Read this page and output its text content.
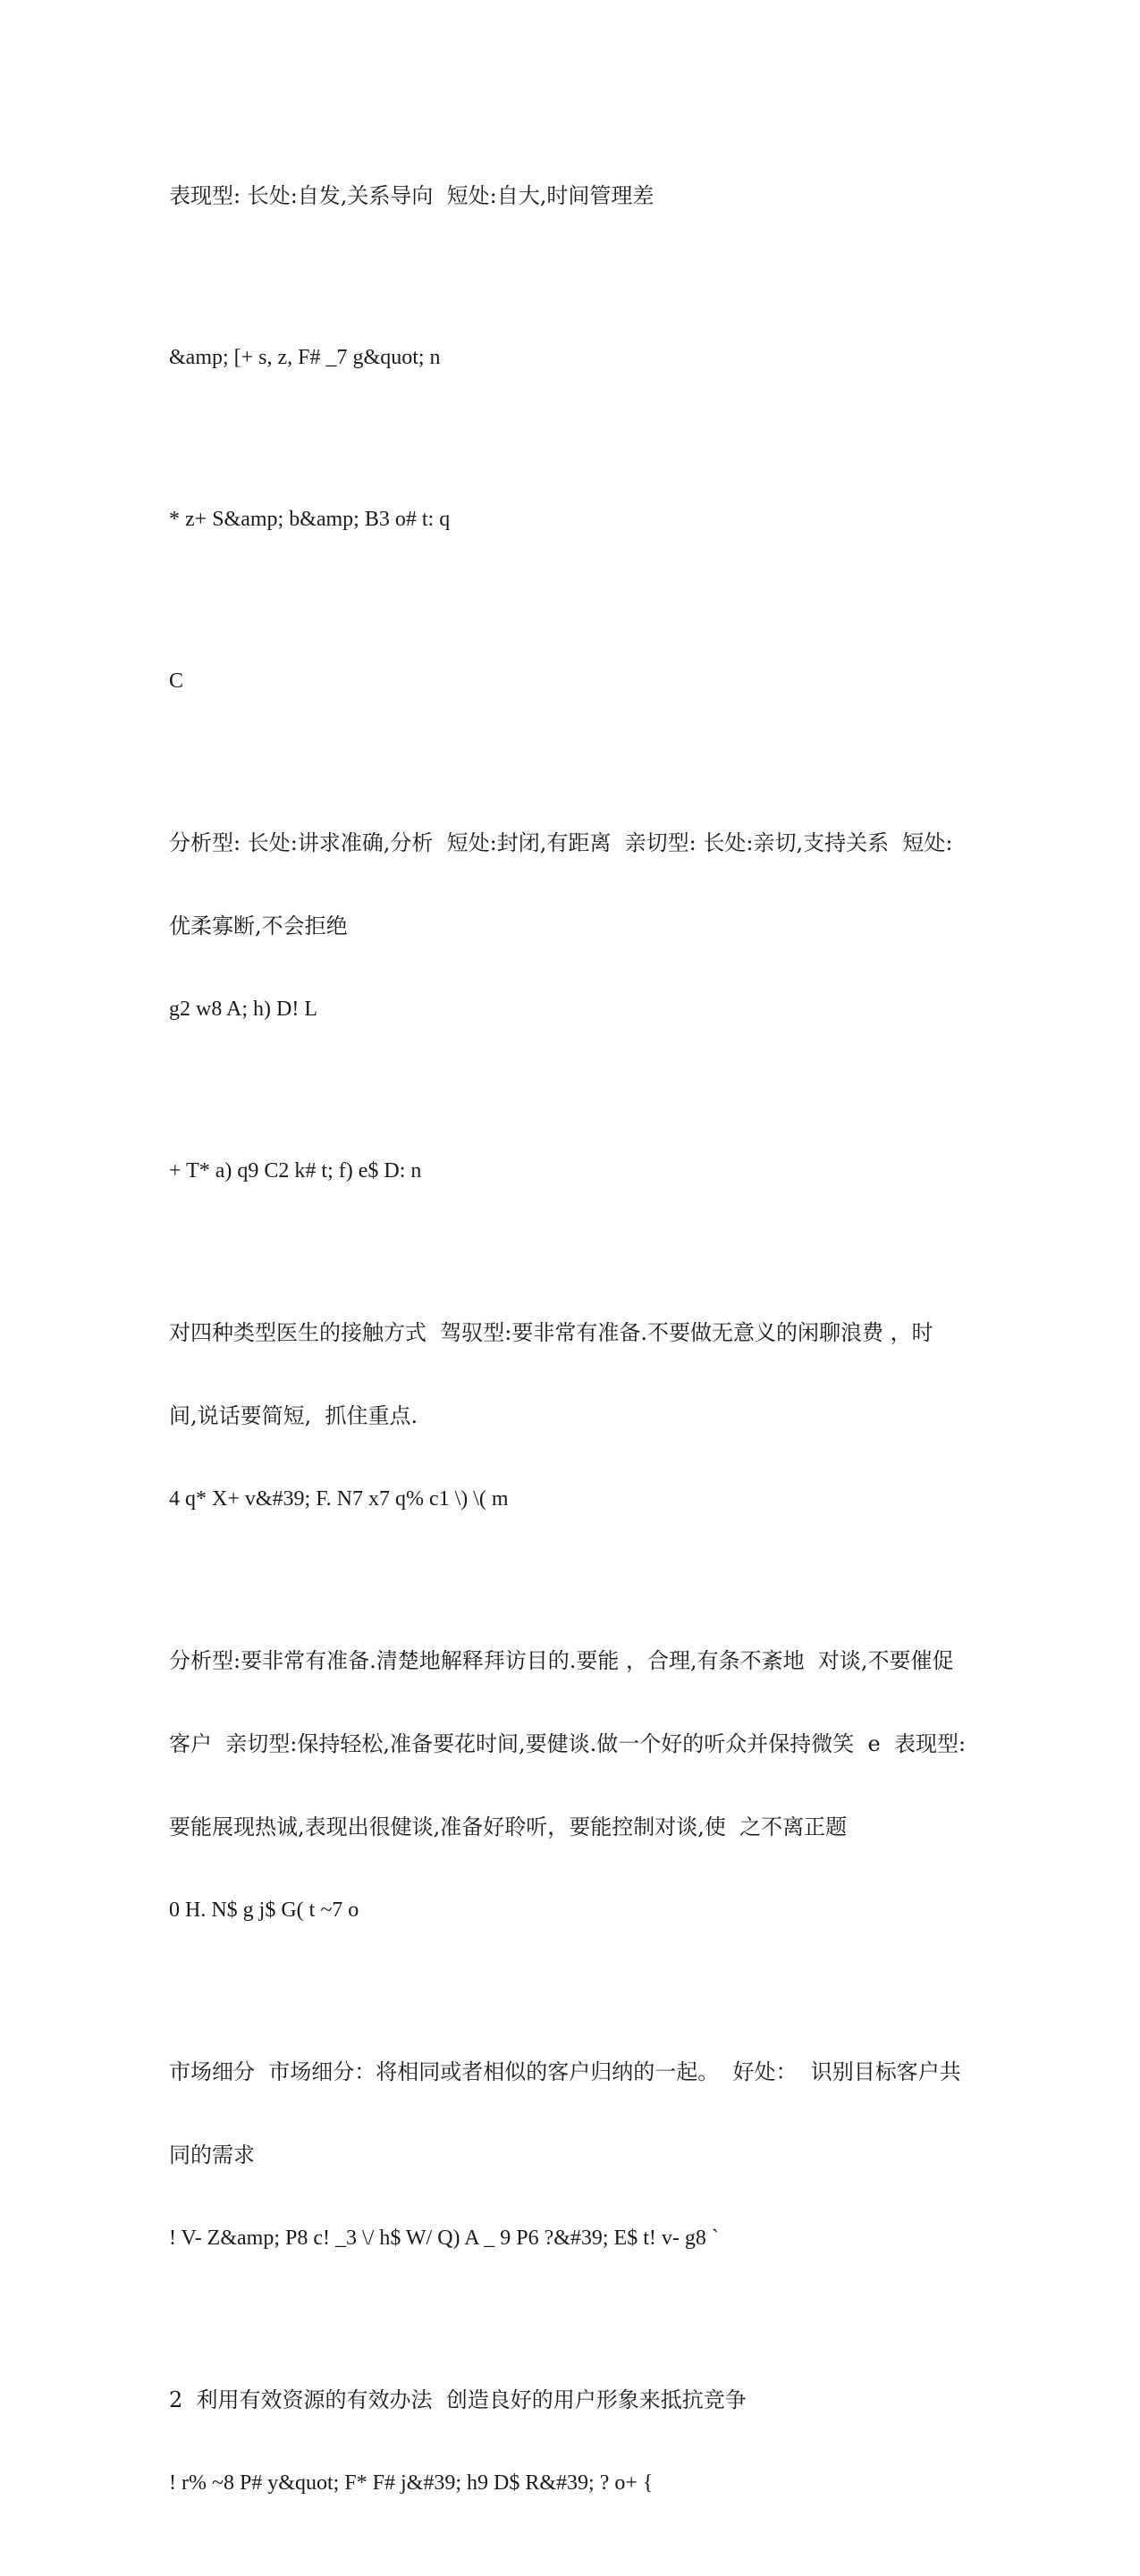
表现型: 长处:自发,关系导向  短处:自大,时间管理差

&amp; [+ s, z, F# _7 g&quot; n

* z+ S&amp; b&amp; B3 o# t: q

C

分析型: 长处:讲求准确,分析  短处:封闭,有距离  亲切型: 长处:亲切,支持关系  短处:

优柔寡断,不会拒绝

g2 w8 A; h) D! L

+ T* a) q9 C2 k# t; f) e$ D: n

对四种类型医生的接触方式  驾驭型:要非常有准备.不要做无意义的闲聊浪费 ，时

间,说话要简短,  抓住重点.

4 q* X+ v&#39; F. N7 x7 q% c1 \) \( m

分析型:要非常有准备.清楚地解释拜访目的.要能 ，合理,有条不紊地  对谈,不要催促

客户  亲切型:保持轻松,准备要花时间,要健谈.做一个好的听众并保持微笑  e  表现型:

要能展现热诚,表现出很健谈,准备好聆听，要能控制对谈,使  之不离正题

0 H. N$ g j$ G( t ~7 o

市场细分  市场细分：将相同或者相似的客户归纳的一起。  好处：  识别目标客户共

同的需求

! V- Z&amp; P8 c! _3 \/ h$ W/ Q) A _ 9 P6 ?&#39; E$ t! v- g8 `

2  利用有效资源的有效办法  创造良好的用户形象来抵抗竞争

! r% ~8 P# y&quot; F* F# j&#39; h9 D$ R&#39; ? o+ {
